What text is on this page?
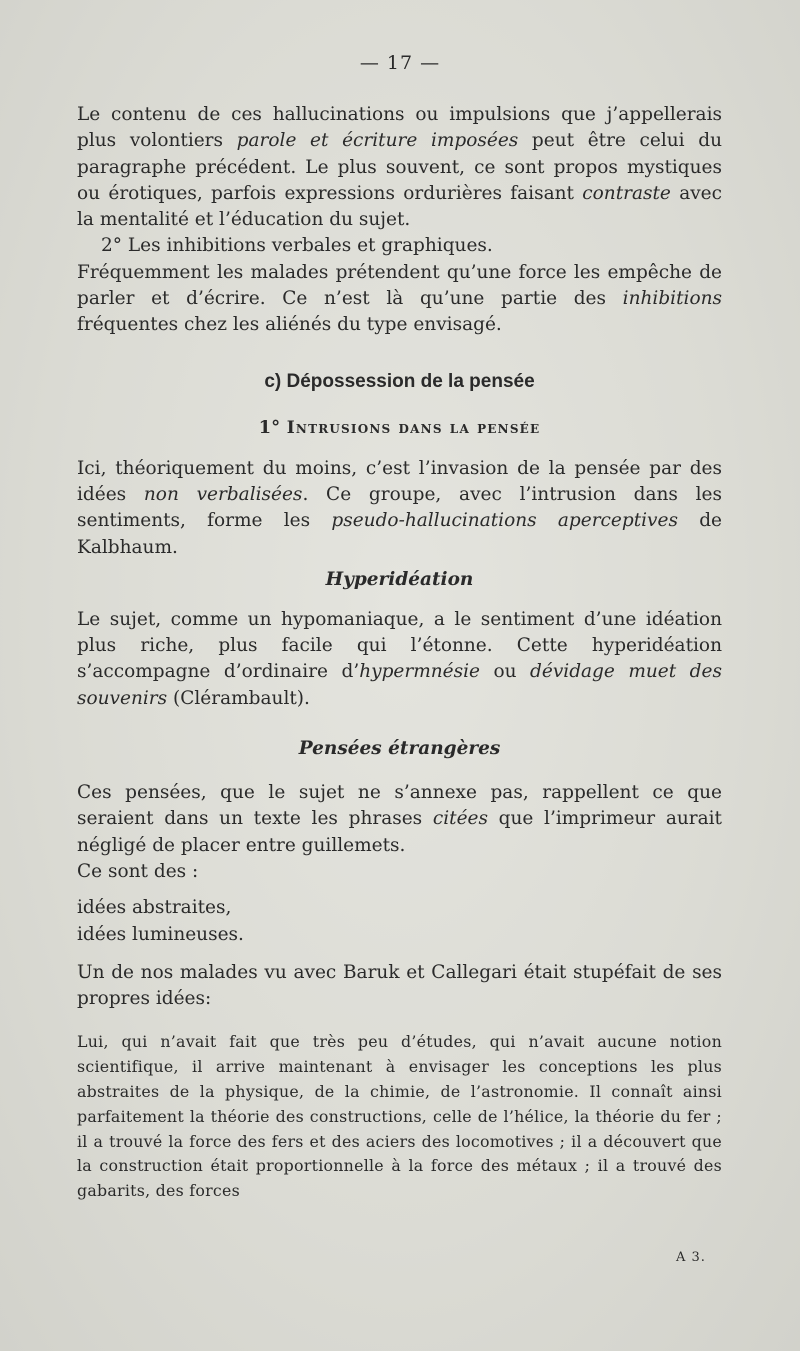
— 17 —

Le contenu de ces hallucinations ou impulsions que j’appellerais plus volontiers parole et écriture imposées peut être celui du paragraphe précédent. Le plus souvent, ce sont propos mystiques ou érotiques, parfois expressions ordurières faisant contraste avec la mentalité et l’éducation du sujet.

2° Les inhibitions verbales et graphiques.

Fréquemment les malades prétendent qu’une force les empêche de parler et d’écrire. Ce n’est là qu’une partie des inhibitions fréquentes chez les aliénés du type envisagé.

c) Dépossession de la pensée
1° Intrusions dans la pensée

Ici, théoriquement du moins, c’est l’invasion de la pensée par des idées non verbalisées. Ce groupe, avec l’intrusion dans les sentiments, forme les pseudo-hallucinations aperceptives de Kalbhaum.

Hyperidéation

Le sujet, comme un hypomaniaque, a le sentiment d’une idéation plus riche, plus facile qui l’étonne. Cette hyperidéation s’accompagne d’ordinaire d’hypermnésie ou dévidage muet des souvenirs (Clérambault).

Pensées étrangères

Ces pensées, que le sujet ne s’annexe pas, rappellent ce que seraient dans un texte les phrases citées que l’imprimeur aurait négligé de placer entre guillemets.

Ce sont des :

idées abstraites,

idées lumineuses.

Un de nos malades vu avec Baruk et Callegari était stupéfait de ses propres idées:

Lui, qui n’avait fait que très peu d’études, qui n’avait aucune notion scientifique, il arrive maintenant à envisager les conceptions les plus abstraites de la physique, de la chimie, de l’astronomie. Il connaît ainsi parfaitement la théorie des constructions, celle de l’hélice, la théorie du fer ; il a trouvé la force des fers et des aciers des locomotives ; il a découvert que la construction était proportionnelle à la force des métaux ; il a trouvé des gabarits, des forces

A 3.
